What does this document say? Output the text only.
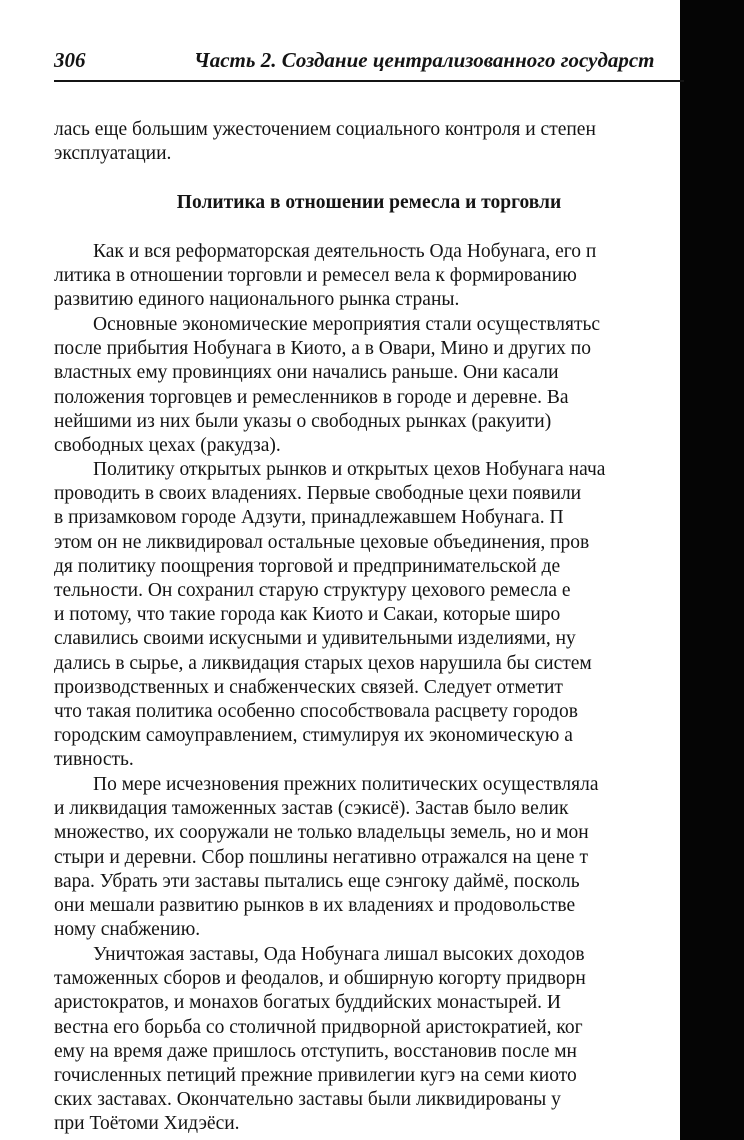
306	Часть 2. Создание централизованного государст

лась еще большим ужесточением социального контроля и степен
эксплуатации.

Политика в отношении ремесла и торговли

  Как и вся реформаторская деятельность Ода Нобунага, его п
литика в отношении торговли и ремесел вела к формированию
развитию единого национального рынка страны.

  Основные экономические мероприятия стали осуществлятьс
после прибытия Нобунага в Киото, а в Овари, Мино и других по
властных ему провинциях они начались раньше. Они касали
положения торговцев и ремесленников в городе и деревне. Ва
нейшими из них были указы о свободных рынках (ракуити)
свободных цехах (ракудза).

  Политику открытых рынков и открытых цехов Нобунага нача
проводить в своих владениях. Первые свободные цехи появили
в призамковом городе Адзути, принадлежавшем Нобунага. П
этом он не ликвидировал остальные цеховые объединения, пров
дя политику поощрения торговой и предпринимательской де
тельности. Он сохранил старую структуру цехового ремесла е
и потому, что такие города как Киото и Сакаи, которые широ
славились своими искусными и удивительными изделиями, ну
дались в сырье, а ликвидация старых цехов нарушила бы систем
производственных и снабженческих связей. Следует отметит
что такая политика особенно способствовала расцвету городов
городским самоуправлением, стимулируя их экономическую а
тивность.

  По мере исчезновения прежних политических осуществляла
и ликвидация таможенных застав (сэкисё). Застав было велик
множество, их сооружали не только владельцы земель, но и мон
стыри и деревни. Сбор пошлины негативно отражался на цене т
вара. Убрать эти заставы пытались еще сэнгоку даймё, посколь
они мешали развитию рынков в их владениях и продовольстве
ному снабжению.

  Уничтожая заставы, Ода Нобунага лишал высоких доходов
таможенных сборов и феодалов, и обширную когорту придворн
аристократов, и монахов богатых буддийских монастырей. И
вестна его борьба со столичной придворной аристократией, ког
ему на время даже пришлось отступить, восстановив после мн
гочисленных петиций прежние привилегии кугэ на семи киото
ских заставах. Окончательно заставы были ликвидированы у
при Тоётоми Хидэёси.
